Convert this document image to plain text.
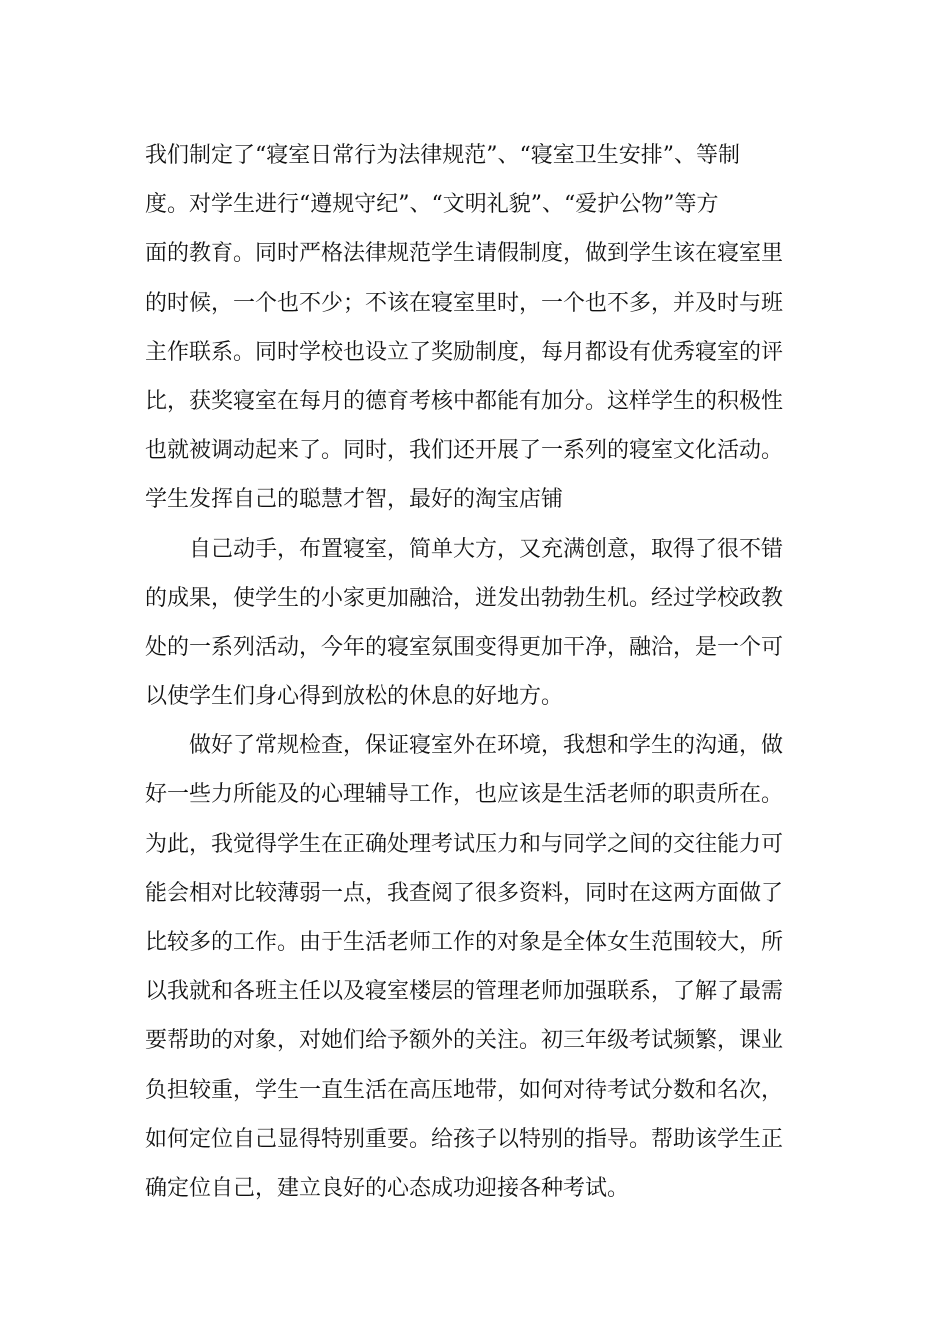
我们制定了“寝室日常行为法律规范”、“寝室卫生安排”、等制
度。对学生进行“遵规守纪”、“文明礼貌”、“爱护公物”等方
面的教育。同时严格法律规范学生请假制度，做到学生该在寝室里
的时候，一个也不少；不该在寝室里时，一个也不多，并及时与班
主作联系。同时学校也设立了奖励制度，每月都设有优秀寝室的评
比，获奖寝室在每月的德育考核中都能有加分。这样学生的积极性
也就被调动起来了。同时，我们还开展了一系列的寝室文化活动。
学生发挥自己的聪慧才智，最好的淘宝店铺
自己动手，布置寝室，简单大方，又充满创意，取得了很不错
的成果，使学生的小家更加融洽，迸发出勃勃生机。经过学校政教
处的一系列活动，今年的寝室氛围变得更加干净，融洽，是一个可
以使学生们身心得到放松的休息的好地方。
做好了常规检查，保证寝室外在环境，我想和学生的沟通，做
好一些力所能及的心理辅导工作，也应该是生活老师的职责所在。
为此，我觉得学生在正确处理考试压力和与同学之间的交往能力可
能会相对比较薄弱一点，我查阅了很多资料，同时在这两方面做了
比较多的工作。由于生活老师工作的对象是全体女生范围较大，所
以我就和各班主任以及寝室楼层的管理老师加强联系，了解了最需
要帮助的对象，对她们给予额外的关注。初三年级考试频繁，课业
负担较重，学生一直生活在高压地带，如何对待考试分数和名次，
如何定位自己显得特别重要。给孩子以特别的指导。帮助该学生正
确定位自己，建立良好的心态成功迎接各种考试。
